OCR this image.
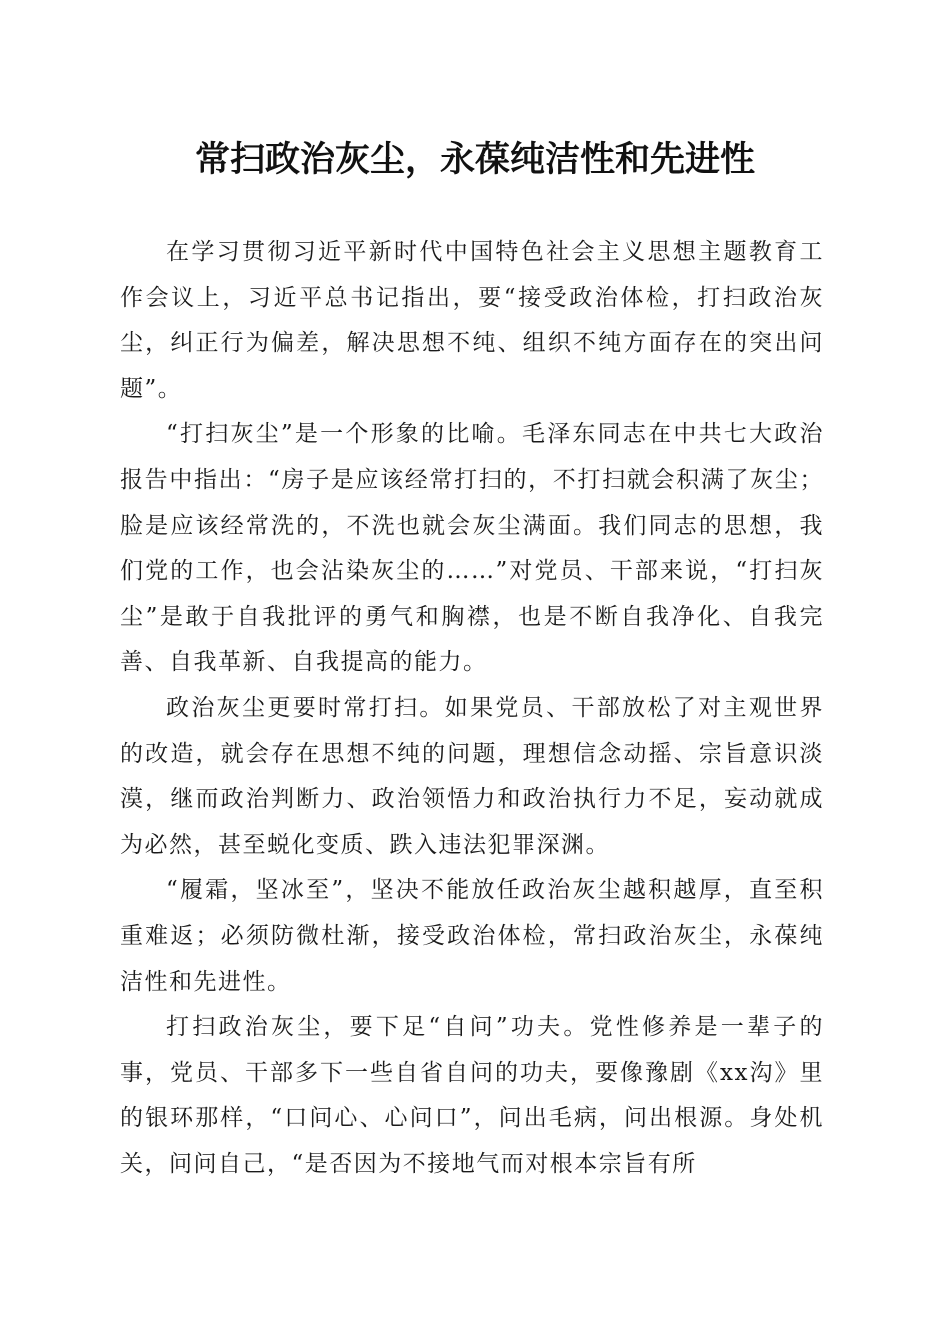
常扫政治灰尘，永葆纯洁性和先进性

在学习贯彻习近平新时代中国特色社会主义思想主题教育工作会议上，习近平总书记指出，要“接受政治体检，打扫政治灰尘，纠正行为偏差，解决思想不纯、组织不纯方面存在的突出问题”。

“打扫灰尘”是一个形象的比喻。毛泽东同志在中共七大政治报告中指出：“房子是应该经常打扫的，不打扫就会积满了灰尘；脸是应该经常洗的，不洗也就会灰尘满面。我们同志的思想，我们党的工作，也会沾染灰尘的……”对党员、干部来说，“打扫灰尘”是敢于自我批评的勇气和胸襟，也是不断自我净化、自我完善、自我革新、自我提高的能力。

政治灰尘更要时常打扫。如果党员、干部放松了对主观世界的改造，就会存在思想不纯的问题，理想信念动摇、宗旨意识淡漠，继而政治判断力、政治领悟力和政治执行力不足，妄动就成为必然，甚至蜕化变质、跌入违法犯罪深渊。

“履霜，坚冰至”，坚决不能放任政治灰尘越积越厚，直至积重难返；必须防微杜渐，接受政治体检，常扫政治灰尘，永葆纯洁性和先进性。

打扫政治灰尘，要下足“自问”功夫。党性修养是一辈子的事，党员、干部多下一些自省自问的功夫，要像豫剧《xx沟》里的银环那样，“口问心、心问口”，问出毛病，问出根源。身处机关，问问自己，“是否因为不接地气而对根本宗旨有所
